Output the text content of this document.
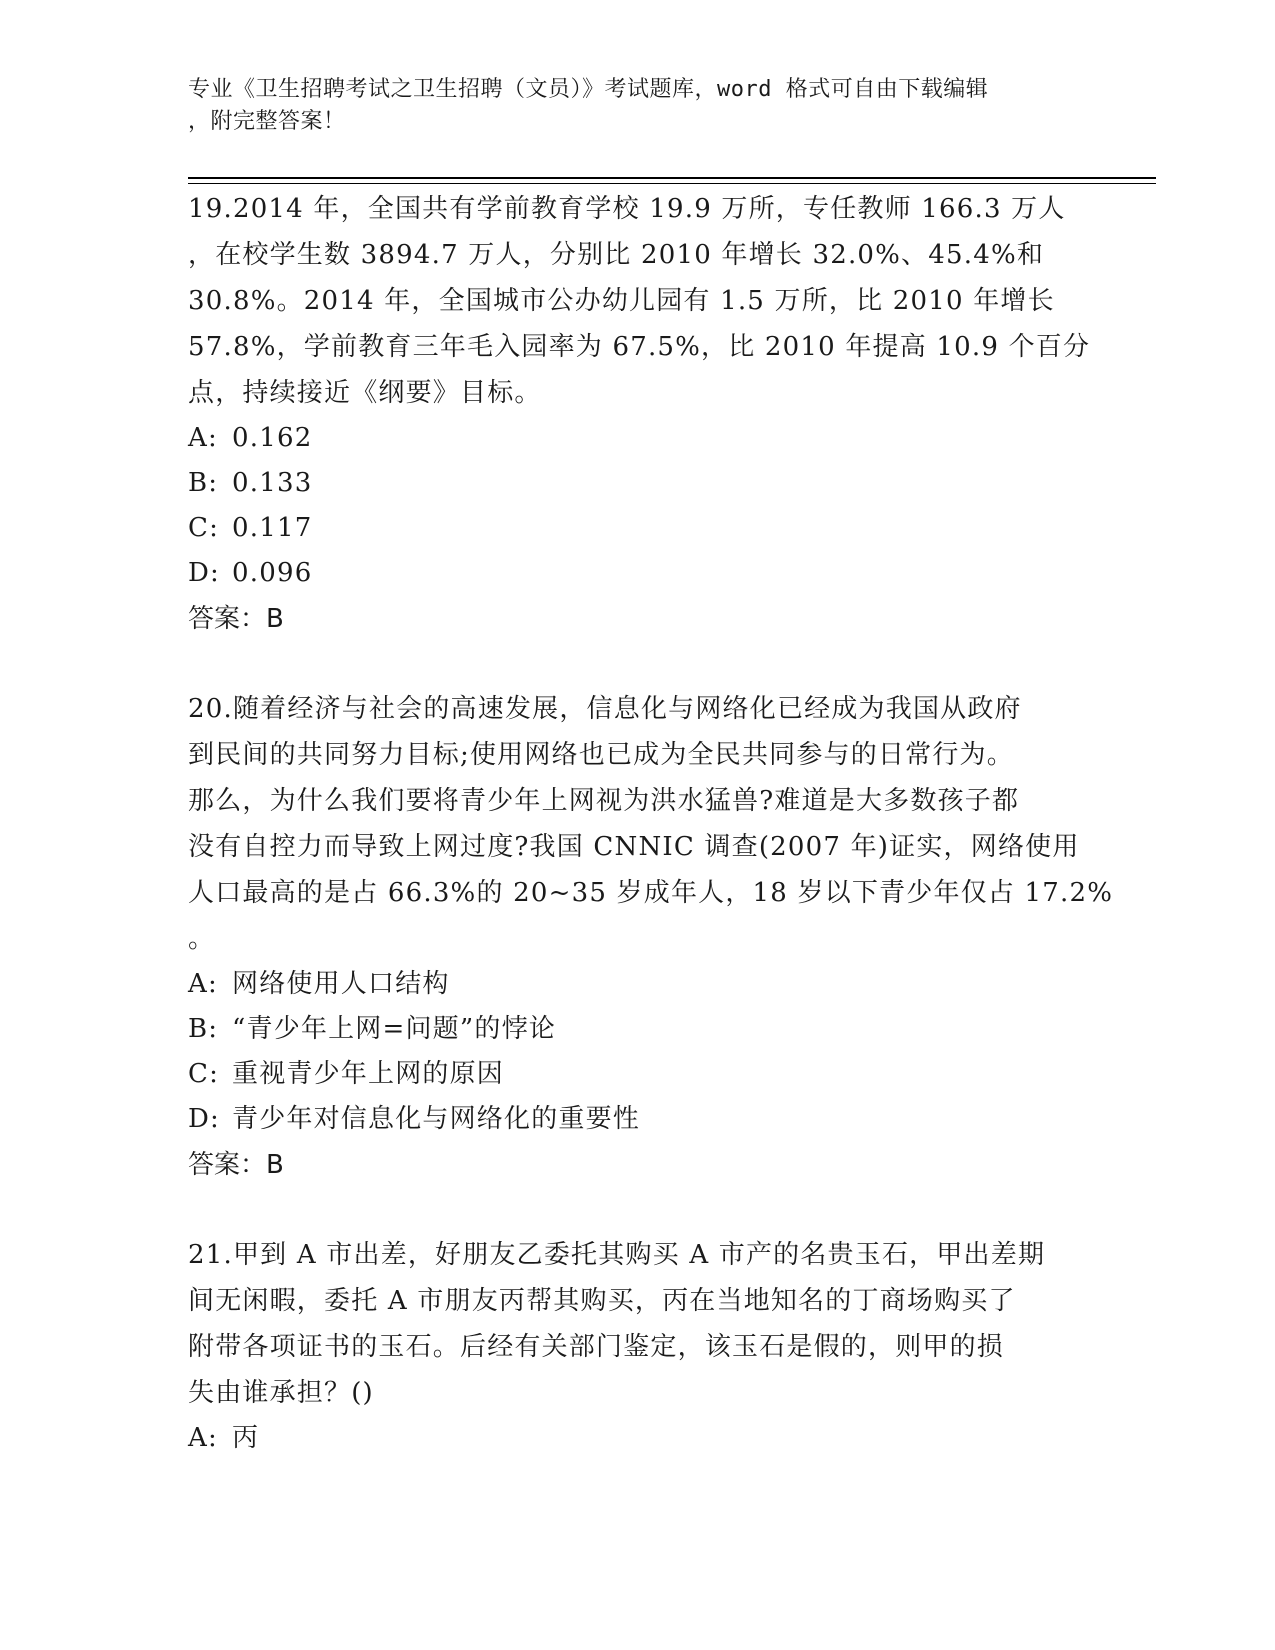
专业《卫生招聘考试之卫生招聘（文员）》考试题库，word 格式可自由下载编辑
，附完整答案！
19.2014 年，全国共有学前教育学校 19.9 万所，专任教师 166.3 万人
，在校学生数 3894.7 万人，分别比 2010 年增长 32.0%、45.4%和
30.8%。2014 年，全国城市公办幼儿园有 1.5 万所，比 2010 年增长
57.8%，学前教育三年毛入园率为 67.5%，比 2010 年提高 10.9 个百分
点，持续接近《纲要》目标。
A: 0.162
B: 0.133
C: 0.117
D: 0.096
答案：B
20.随着经济与社会的高速发展，信息化与网络化已经成为我国从政府
到民间的共同努力目标;使用网络也已成为全民共同参与的日常行为。
那么，为什么我们要将青少年上网视为洪水猛兽?难道是大多数孩子都
没有自控力而导致上网过度?我国 CNNIC 调查(2007 年)证实，网络使用
人口最高的是占 66.3%的 20~35 岁成年人，18 岁以下青少年仅占 17.2%
。
A: 网络使用人口结构
B: “青少年上网=问题”的悖论
C: 重视青少年上网的原因
D: 青少年对信息化与网络化的重要性
答案：B
21.甲到 A 市出差，好朋友乙委托其购买 A 市产的名贵玉石，甲出差期
间无闲暇，委托 A 市朋友丙帮其购买，丙在当地知名的丁商场购买了
附带各项证书的玉石。后经有关部门鉴定，该玉石是假的，则甲的损
失由谁承担？()
A: 丙
